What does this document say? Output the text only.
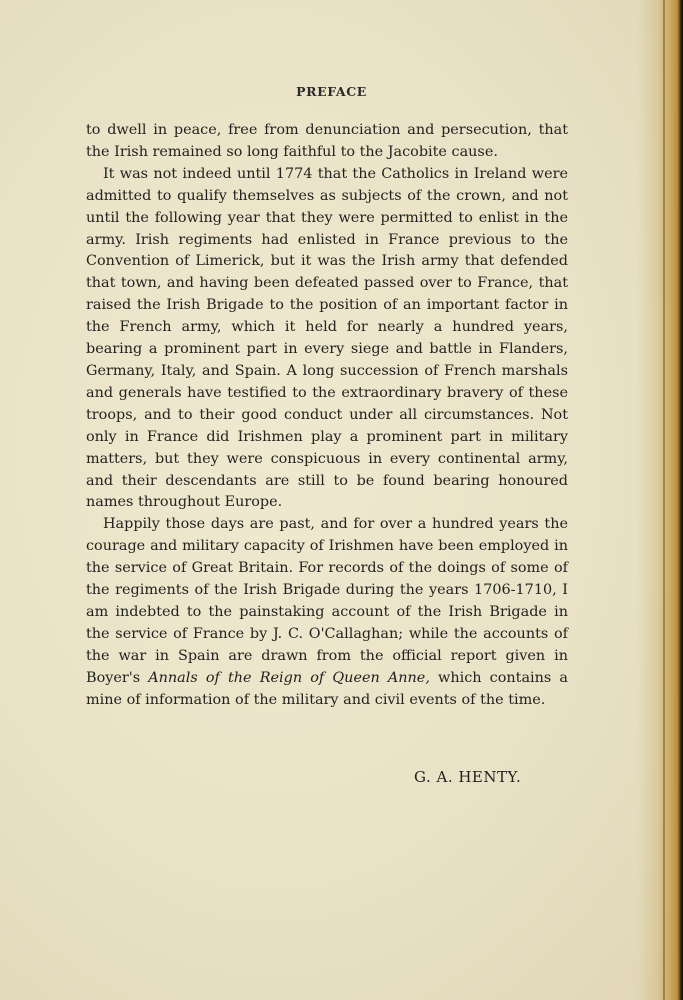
PREFACE

to dwell in peace, free from denunciation and persecution, that the Irish remained so long faithful to the Jacobite cause.

It was not indeed until 1774 that the Catholics in Ireland were admitted to qualify themselves as subjects of the crown, and not until the following year that they were permitted to enlist in the army. Irish regiments had enlisted in France previous to the Convention of Limerick, but it was the Irish army that defended that town, and having been defeated passed over to France, that raised the Irish Brigade to the position of an important factor in the French army, which it held for nearly a hundred years, bearing a prominent part in every siege and battle in Flanders, Germany, Italy, and Spain. A long succession of French marshals and generals have testified to the extraordinary bravery of these troops, and to their good conduct under all circumstances. Not only in France did Irishmen play a prominent part in military matters, but they were conspicuous in every continental army, and their descendants are still to be found bearing honoured names throughout Europe.

Happily those days are past, and for over a hundred years the courage and military capacity of Irishmen have been employed in the service of Great Britain. For records of the doings of some of the regiments of the Irish Brigade during the years 1706-1710, I am indebted to the painstaking account of the Irish Brigade in the service of France by J. C. O'Callaghan; while the accounts of the war in Spain are drawn from the official report given in Boyer's Annals of the Reign of Queen Anne, which contains a mine of information of the military and civil events of the time.

G. A. HENTY.
